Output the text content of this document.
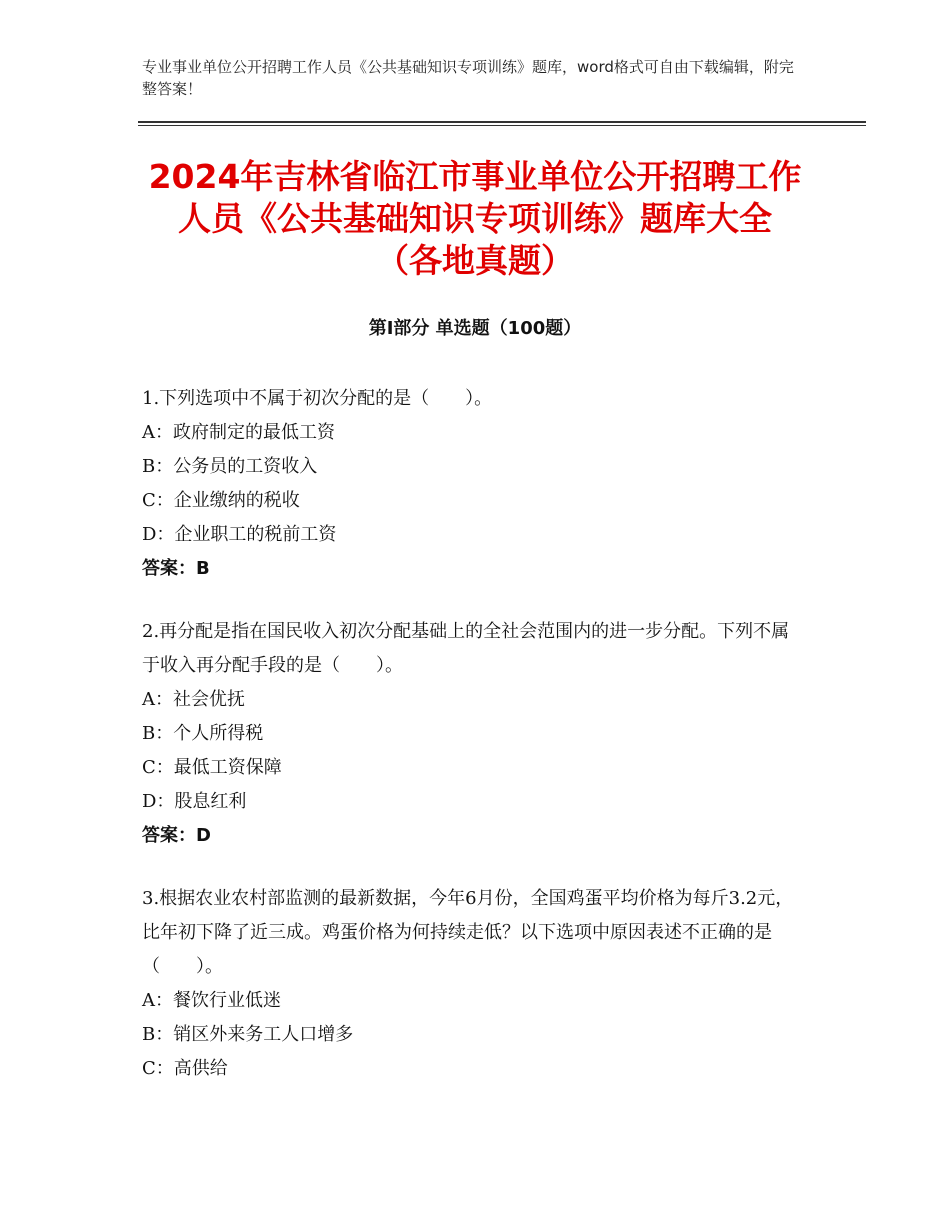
专业事业单位公开招聘工作人员《公共基础知识专项训练》题库，word格式可自由下载编辑，附完整答案！
2024年吉林省临江市事业单位公开招聘工作
人员《公共基础知识专项训练》题库大全
（各地真题）
第I部分 单选题（100题）

1.下列选项中不属于初次分配的是（　　）。

A：政府制定的最低工资

B：公务员的工资收入

C：企业缴纳的税收

D：企业职工的税前工资

答案：B

2.再分配是指在国民收入初次分配基础上的全社会范围内的进一步分配。下列不属于收入再分配手段的是（　　）。

A：社会优抚

B：个人所得税

C：最低工资保障

D：股息红利

答案：D

3.根据农业农村部监测的最新数据，今年6月份，全国鸡蛋平均价格为每斤3.2元，比年初下降了近三成。鸡蛋价格为何持续走低？以下选项中原因表述不正确的是（　　）。

A：餐饮行业低迷

B：销区外来务工人口增多

C：高供给
